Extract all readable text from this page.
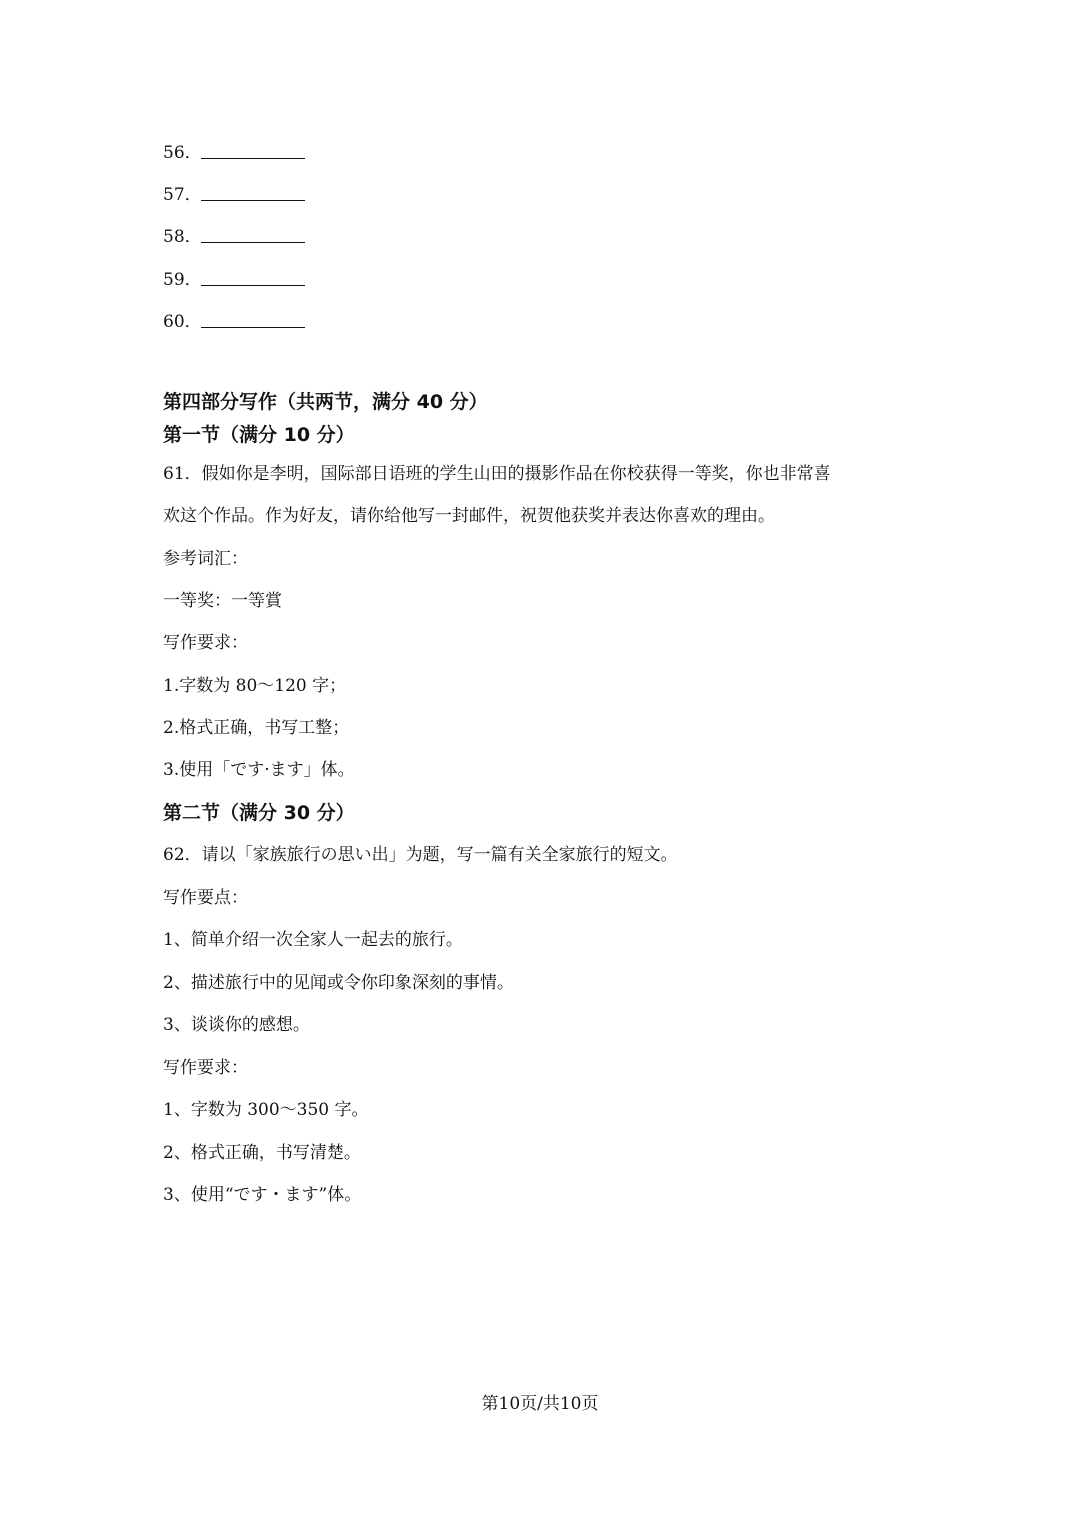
56．
57．
58．
59．
60．
第四部分写作（共两节，满分 40 分）
第一节（满分 10 分）
61．假如你是李明，国际部日语班的学生山田的摄影作品在你校获得一等奖，你也非常喜
欢这个作品。作为好友，请你给他写一封邮件，祝贺他获奖并表达你喜欢的理由。
参考词汇：
一等奖：一等賞
写作要求：
1.字数为 80～120 字；
2.格式正确，书写工整；
3.使用「です·ます」体。
第二节（满分 30 分）
62．请以「家族旅行の思い出」为题，写一篇有关全家旅行的短文。
写作要点：
1、简单介绍一次全家人一起去的旅行。
2、描述旅行中的见闻或令你印象深刻的事情。
3、谈谈你的感想。
写作要求：
1、字数为 300～350 字。
2、格式正确，书写清楚。
3、使用“です・ます”体。
第10页/共10页
